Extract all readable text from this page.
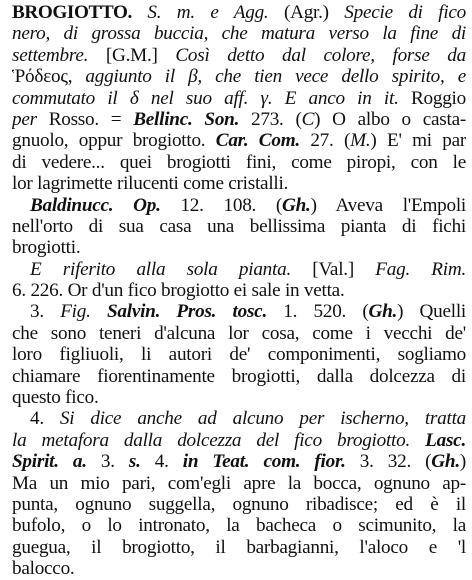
BROGIOTTO. S. m. e Agg. (Agr.) Specie di fico
nero, di grossa buccia, che matura verso la fine di
settembre. [G.M.] Così detto dal colore, forse da
Ῥόδεος, aggiunto il β, che tien vece dello spirito, e
commutato il δ nel suo aff. γ. E anco in it. Roggio
per Rosso. = Bellinc. Son. 273. (C) O albo o casta-
gnuolo, oppur brogiotto. Car. Com. 27. (M.) E' mi par
di vedere... quei brogiotti fini, come piropi, con le
lor lagrimette rilucenti come cristalli.
Baldinucc. Op. 12. 108. (Gh.) Aveva l'Empoli
nell'orto di sua casa una bellissima pianta di fichi
brogiotti.
E riferito alla sola pianta. [Val.] Fag. Rim.
6. 226. Or d'un fico brogiotto ei sale in vetta.
3. Fig. Salvin. Pros. tosc. 1. 520. (Gh.) Quelli
che sono teneri d'alcuna lor cosa, come i vecchi de'
loro figliuoli, li autori de' componimenti, sogliamo
chiamare fiorentinamente brogiotti, dalla dolcezza di
questo fico.
4. Si dice anche ad alcuno per ischerno, tratta
la metafora dalla dolcezza del fico brogiotto. Lasc.
Spirit. a. 3. s. 4. in Teat. com. fior. 3. 32. (Gh.)
Ma un mio pari, com'egli apre la bocca, ognuno ap-
punta, ognuno suggella, ognuno ribadisce; ed è il
bufolo, o lo intronato, la bacheca o scimunito, la
guegua, il brogiotto, il barbagianni, l'aloco e 'l
balocco.
